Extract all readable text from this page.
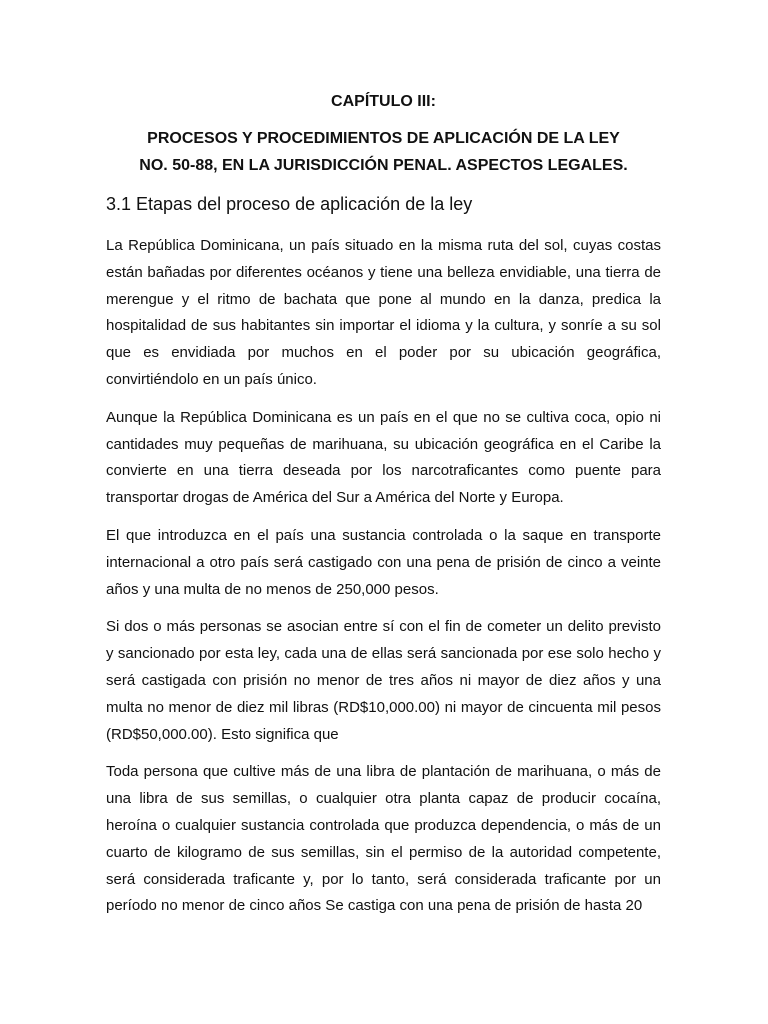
CAPÍTULO III:
PROCESOS Y PROCEDIMIENTOS DE APLICACIÓN DE LA LEY
NO. 50-88, EN LA JURISDICCIÓN PENAL. ASPECTOS LEGALES.
3.1 Etapas del proceso de aplicación de la ley

La República Dominicana, un país situado en la misma ruta del sol, cuyas costas están bañadas por diferentes océanos y tiene una belleza envidiable, una tierra de merengue y el ritmo de bachata que pone al mundo en la danza, predica la hospitalidad de sus habitantes sin importar el idioma y la cultura, y sonríe a su sol que es envidiada por muchos en el poder por su ubicación geográfica, convirtiéndolo en un país único.

Aunque la República Dominicana es un país en el que no se cultiva coca, opio ni cantidades muy pequeñas de marihuana, su ubicación geográfica en el Caribe la convierte en una tierra deseada por los narcotraficantes como puente para transportar drogas de América del Sur a América del Norte y Europa.

El que introduzca en el país una sustancia controlada o la saque en transporte internacional a otro país será castigado con una pena de prisión de cinco a veinte años y una multa de no menos de 250,000 pesos.

Si dos o más personas se asocian entre sí con el fin de cometer un delito previsto y sancionado por esta ley, cada una de ellas será sancionada por ese solo hecho y será castigada con prisión no menor de tres años ni mayor de diez años y una multa no menor de diez mil libras (RD$10,000.00) ni mayor de cincuenta mil pesos (RD$50,000.00). Esto significa que

Toda persona que cultive más de una libra de plantación de marihuana, o más de una libra de sus semillas, o cualquier otra planta capaz de producir cocaína, heroína o cualquier sustancia controlada que produzca dependencia, o más de un cuarto de kilogramo de sus semillas, sin el permiso de la autoridad competente, será considerada traficante y, por lo tanto, será considerada traficante por un período no menor de cinco años Se castiga con una pena de prisión de hasta 20
